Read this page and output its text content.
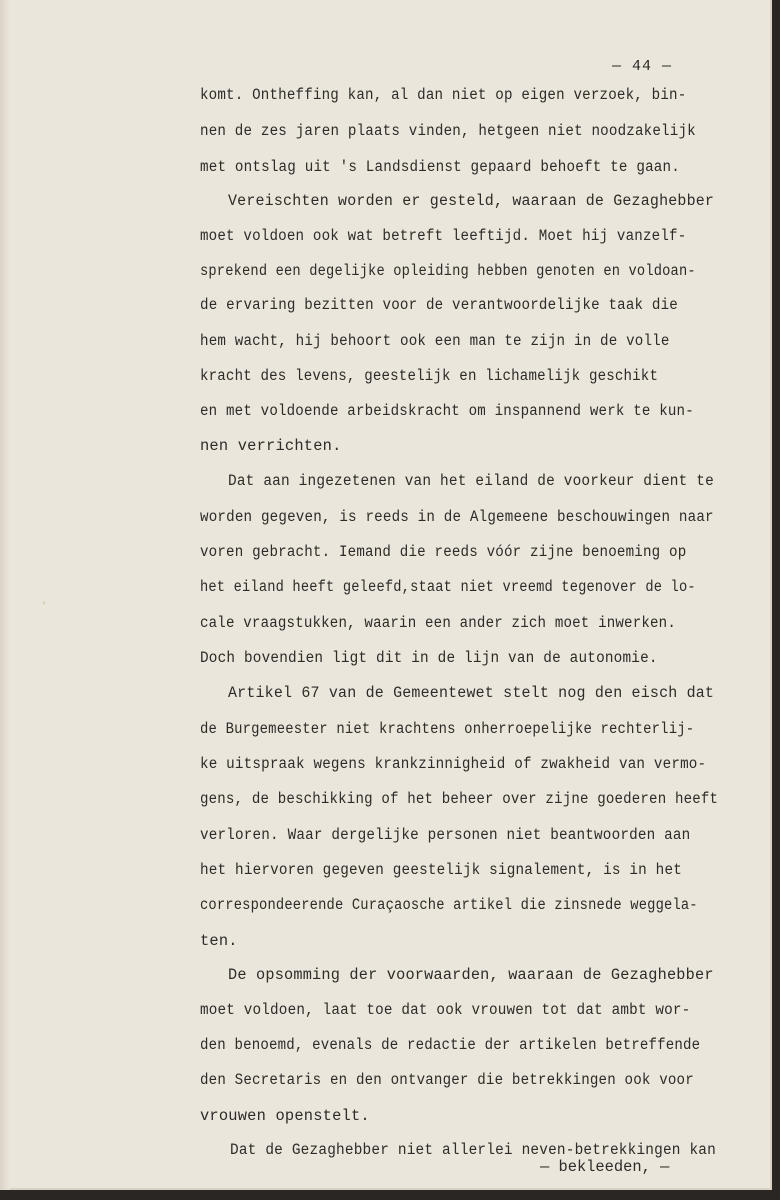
— 44 —
,
komt. Ontheffing kan, al dan niet op eigen verzoek, bin-
nen de zes jaren plaats vinden, hetgeen niet noodzakelijk
met ontslag uit 's Landsdienst gepaard behoeft te gaan.
Vereischten worden er gesteld, waaraan de Gezaghebber
moet voldoen ook wat betreft leeftijd. Moet hij vanzelf-
sprekend een degelijke opleiding hebben genoten en voldoan-
de ervaring bezitten voor de verantwoordelijke taak die
hem wacht, hij behoort ook een man te zijn in de volle
kracht des levens, geestelijk en lichamelijk geschikt
en met voldoende arbeidskracht om inspannend werk te kun-
nen verrichten.
Dat aan ingezetenen van het eiland de voorkeur dient te
worden gegeven, is reeds in de Algemeene beschouwingen naar
voren gebracht. Iemand die reeds vóór zijne benoeming op
het eiland heeft geleefd,staat niet vreemd tegenover de lo-
cale vraagstukken, waarin een ander zich moet inwerken.
Doch bovendien ligt dit in de lijn van de autonomie.
Artikel 67 van de Gemeentewet stelt nog den eisch dat
de Burgemeester niet krachtens onherroepelijke rechterlij-
ke uitspraak wegens krankzinnigheid of zwakheid van vermo-
gens, de beschikking of het beheer over zijne goederen heeft
verloren. Waar dergelijke personen niet beantwoorden aan
het hiervoren gegeven geestelijk signalement, is in het
correspondeerende Curaçaosche artikel die zinsnede weggela-
ten.
De opsomming der voorwaarden, waaraan de Gezaghebber
moet voldoen, laat toe dat ook vrouwen tot dat ambt wor-
den benoemd, evenals de redactie der artikelen betreffende
den Secretaris en den ontvanger die betrekkingen ook voor
vrouwen openstelt.
Dat de Gezaghebber niet allerlei neven-betrekkingen kan
— bekleeden, —
